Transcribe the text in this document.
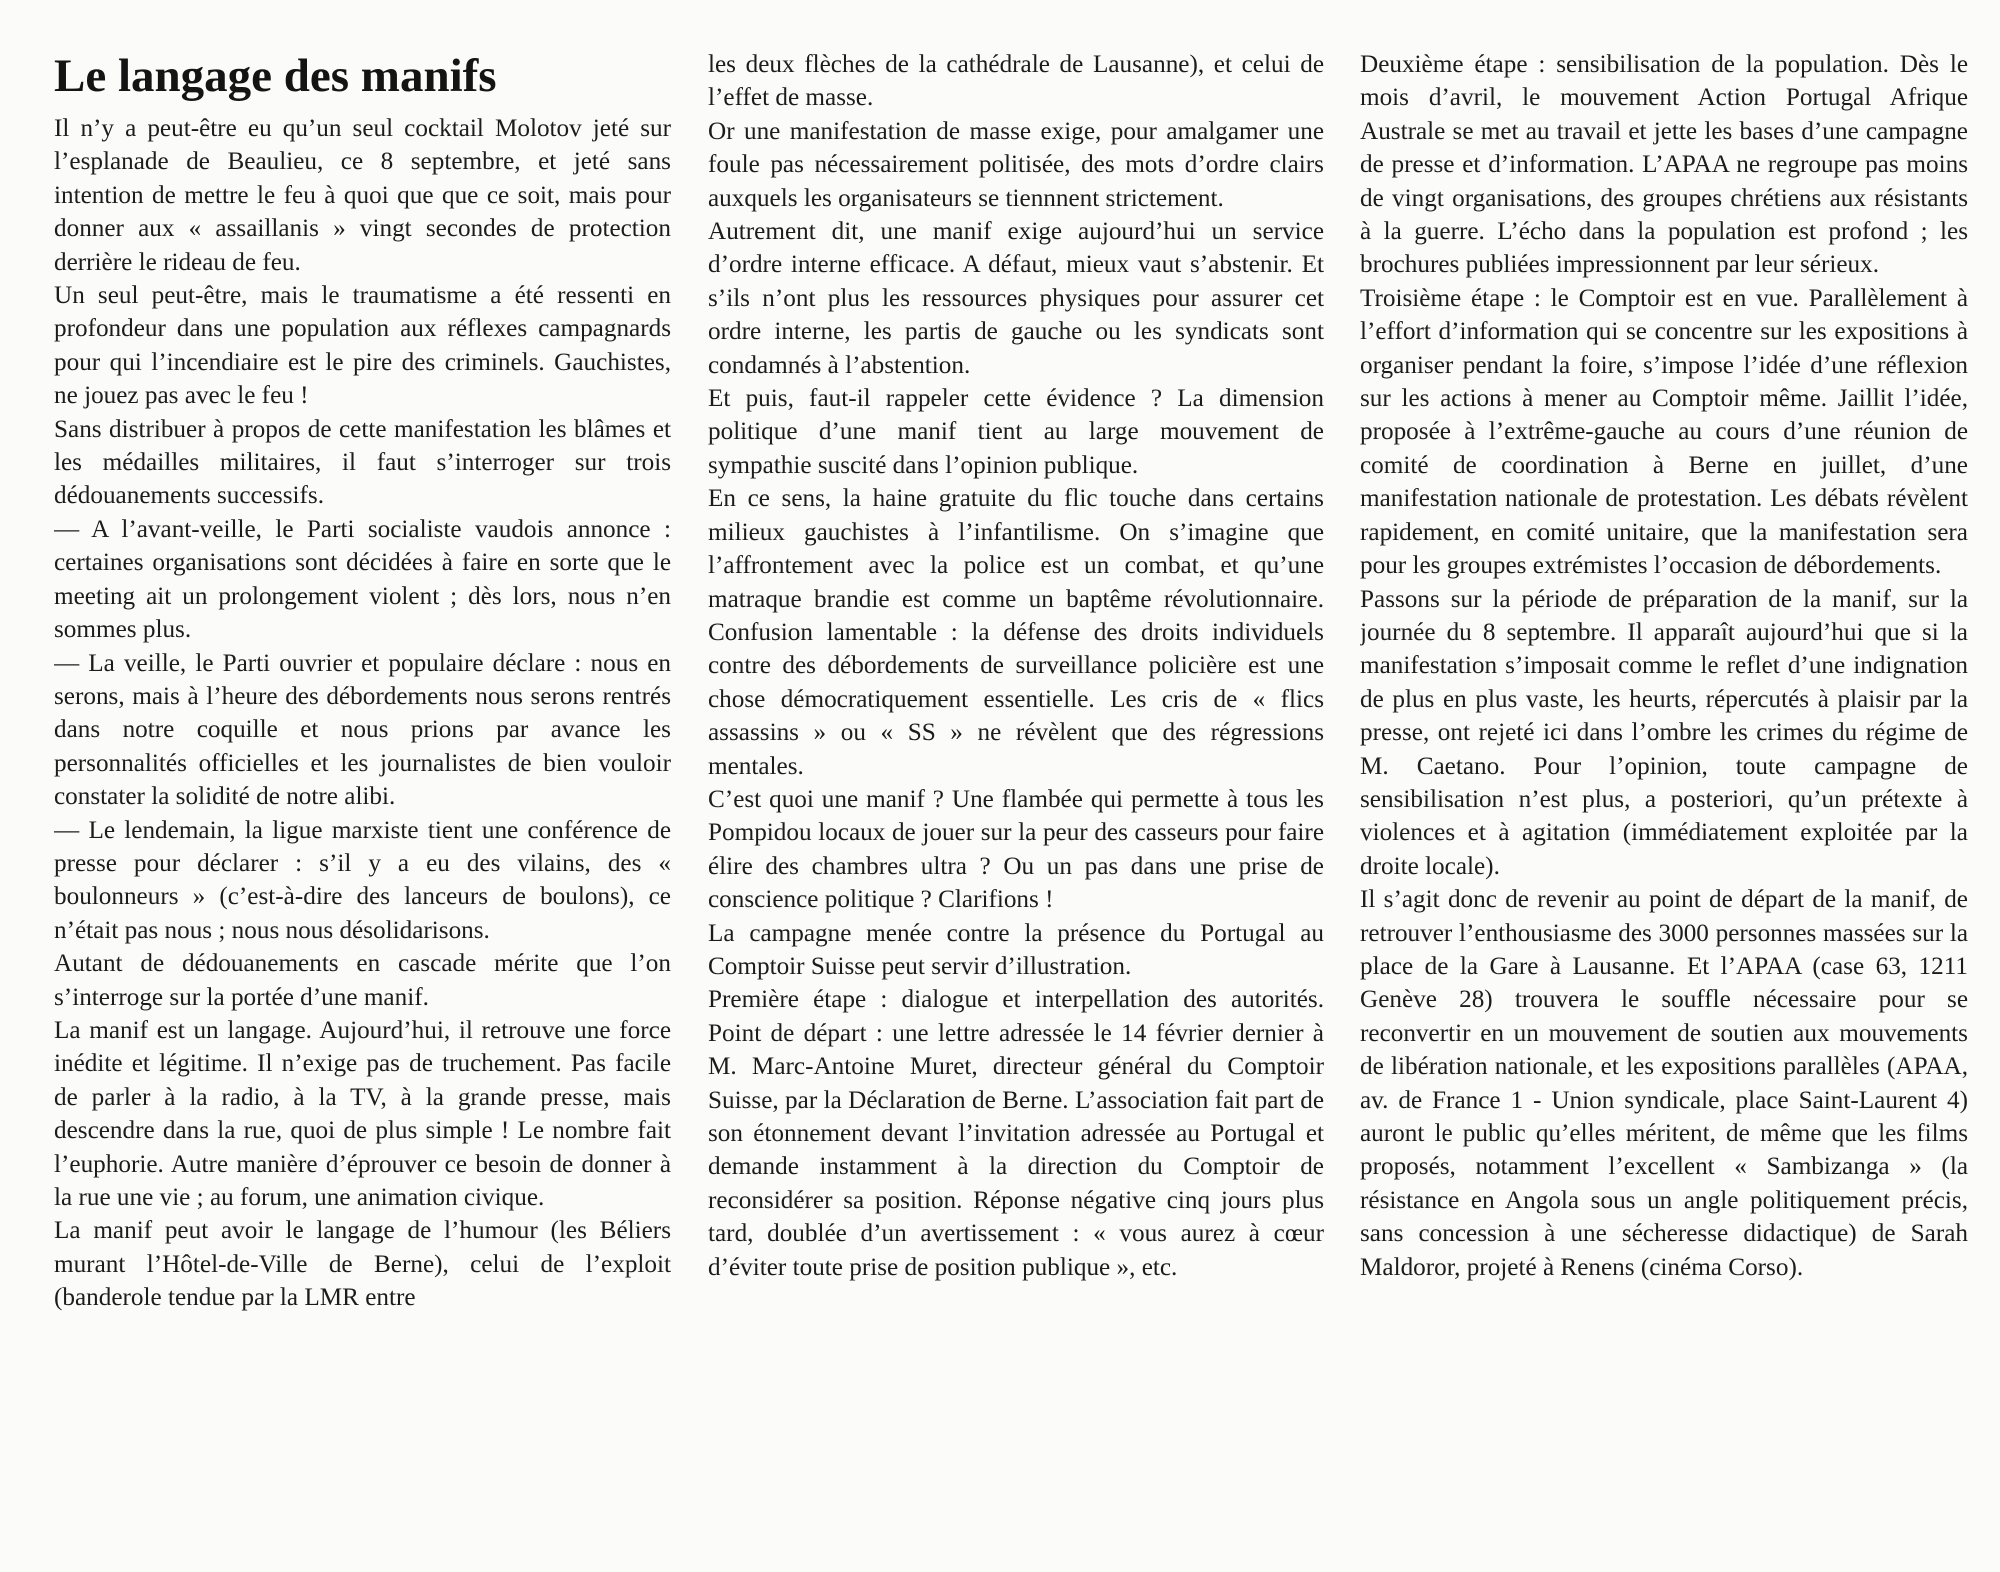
Le langage des manifs

Il n’y a peut-être eu qu’un seul cocktail Molotov jeté sur l’esplanade de Beaulieu, ce 8 septembre, et jeté sans intention de mettre le feu à quoi que que ce soit, mais pour donner aux « assaillanis » vingt secondes de protection derrière le rideau de feu.

Un seul peut-être, mais le traumatisme a été ressenti en profondeur dans une population aux réflexes campagnards pour qui l’incendiaire est le pire des criminels. Gauchistes, ne jouez pas avec le feu !

Sans distribuer à propos de cette manifestation les blâmes et les médailles militaires, il faut s’interroger sur trois dédouanements successifs.

— A l’avant-veille, le Parti socialiste vaudois annonce : certaines organisations sont décidées à faire en sorte que le meeting ait un prolongement violent ; dès lors, nous n’en sommes plus.

— La veille, le Parti ouvrier et populaire déclare : nous en serons, mais à l’heure des débordements nous serons rentrés dans notre coquille et nous prions par avance les personnalités officielles et les journalistes de bien vouloir constater la solidité de notre alibi.

— Le lendemain, la ligue marxiste tient une conférence de presse pour déclarer : s’il y a eu des vilains, des « boulonneurs » (c’est-à-dire des lanceurs de boulons), ce n’était pas nous ; nous nous désolidarisons.

Autant de dédouanements en cascade mérite que l’on s’interroge sur la portée d’une manif.

La manif est un langage. Aujourd’hui, il retrouve une force inédite et légitime. Il n’exige pas de truchement. Pas facile de parler à la radio, à la TV, à la grande presse, mais descendre dans la rue, quoi de plus simple ! Le nombre fait l’euphorie. Autre manière d’éprouver ce besoin de donner à la rue une vie ; au forum, une animation civique.

La manif peut avoir le langage de l’humour (les Béliers murant l’Hôtel-de-Ville de Berne), celui de l’exploit (banderole tendue par la LMR entre

les deux flèches de la cathédrale de Lausanne), et celui de l’effet de masse.

Or une manifestation de masse exige, pour amalgamer une foule pas nécessairement politisée, des mots d’ordre clairs auxquels les organisateurs se tiennnent strictement.

Autrement dit, une manif exige aujourd’hui un service d’ordre interne efficace. A défaut, mieux vaut s’abstenir. Et s’ils n’ont plus les ressources physiques pour assurer cet ordre interne, les partis de gauche ou les syndicats sont condamnés à l’abstention.

Et puis, faut-il rappeler cette évidence ? La dimension politique d’une manif tient au large mouvement de sympathie suscité dans l’opinion publique.

En ce sens, la haine gratuite du flic touche dans certains milieux gauchistes à l’infantilisme. On s’imagine que l’affrontement avec la police est un combat, et qu’une matraque brandie est comme un baptême révolutionnaire. Confusion lamentable : la défense des droits individuels contre des débordements de surveillance policière est une chose démocratiquement essentielle. Les cris de « flics assassins » ou « SS » ne révèlent que des régressions mentales.

C’est quoi une manif ? Une flambée qui permette à tous les Pompidou locaux de jouer sur la peur des casseurs pour faire élire des chambres ultra ? Ou un pas dans une prise de conscience politique ? Clarifions !

La campagne menée contre la présence du Portugal au Comptoir Suisse peut servir d’illustration.

Première étape : dialogue et interpellation des autorités. Point de départ : une lettre adressée le 14 février dernier à M. Marc-Antoine Muret, directeur général du Comptoir Suisse, par la Déclaration de Berne. L’association fait part de son étonnement devant l’invitation adressée au Portugal et demande instamment à la direction du Comptoir de reconsidérer sa position. Réponse négative cinq jours plus tard, doublée d’un avertissement : « vous aurez à cœur d’éviter toute prise de position publique », etc.

Deuxième étape : sensibilisation de la population. Dès le mois d’avril, le mouvement Action Portugal Afrique Australe se met au travail et jette les bases d’une campagne de presse et d’information. L’APAA ne regroupe pas moins de vingt organisations, des groupes chrétiens aux résistants à la guerre. L’écho dans la population est profond ; les brochures publiées impressionnent par leur sérieux.

Troisième étape : le Comptoir est en vue. Parallèlement à l’effort d’information qui se concentre sur les expositions à organiser pendant la foire, s’impose l’idée d’une réflexion sur les actions à mener au Comptoir même. Jaillit l’idée, proposée à l’extrême-gauche au cours d’une réunion de comité de coordination à Berne en juillet, d’une manifestation nationale de protestation. Les débats révèlent rapidement, en comité unitaire, que la manifestation sera pour les groupes extrémistes l’occasion de débordements.

Passons sur la période de préparation de la manif, sur la journée du 8 septembre. Il apparaît aujourd’hui que si la manifestation s’imposait comme le reflet d’une indignation de plus en plus vaste, les heurts, répercutés à plaisir par la presse, ont rejeté ici dans l’ombre les crimes du régime de M. Caetano. Pour l’opinion, toute campagne de sensibilisation n’est plus, a posteriori, qu’un prétexte à violences et à agitation (immédiatement exploitée par la droite locale).

Il s’agit donc de revenir au point de départ de la manif, de retrouver l’enthousiasme des 3000 personnes massées sur la place de la Gare à Lausanne. Et l’APAA (case 63, 1211 Genève 28) trouvera le souffle nécessaire pour se reconvertir en un mouvement de soutien aux mouvements de libération nationale, et les expositions parallèles (APAA, av. de France 1 - Union syndicale, place Saint-Laurent 4) auront le public qu’elles méritent, de même que les films proposés, notamment l’excellent « Sambizanga » (la résistance en Angola sous un angle politiquement précis, sans concession à une sécheresse didactique) de Sarah Maldoror, projeté à Renens (cinéma Corso).
